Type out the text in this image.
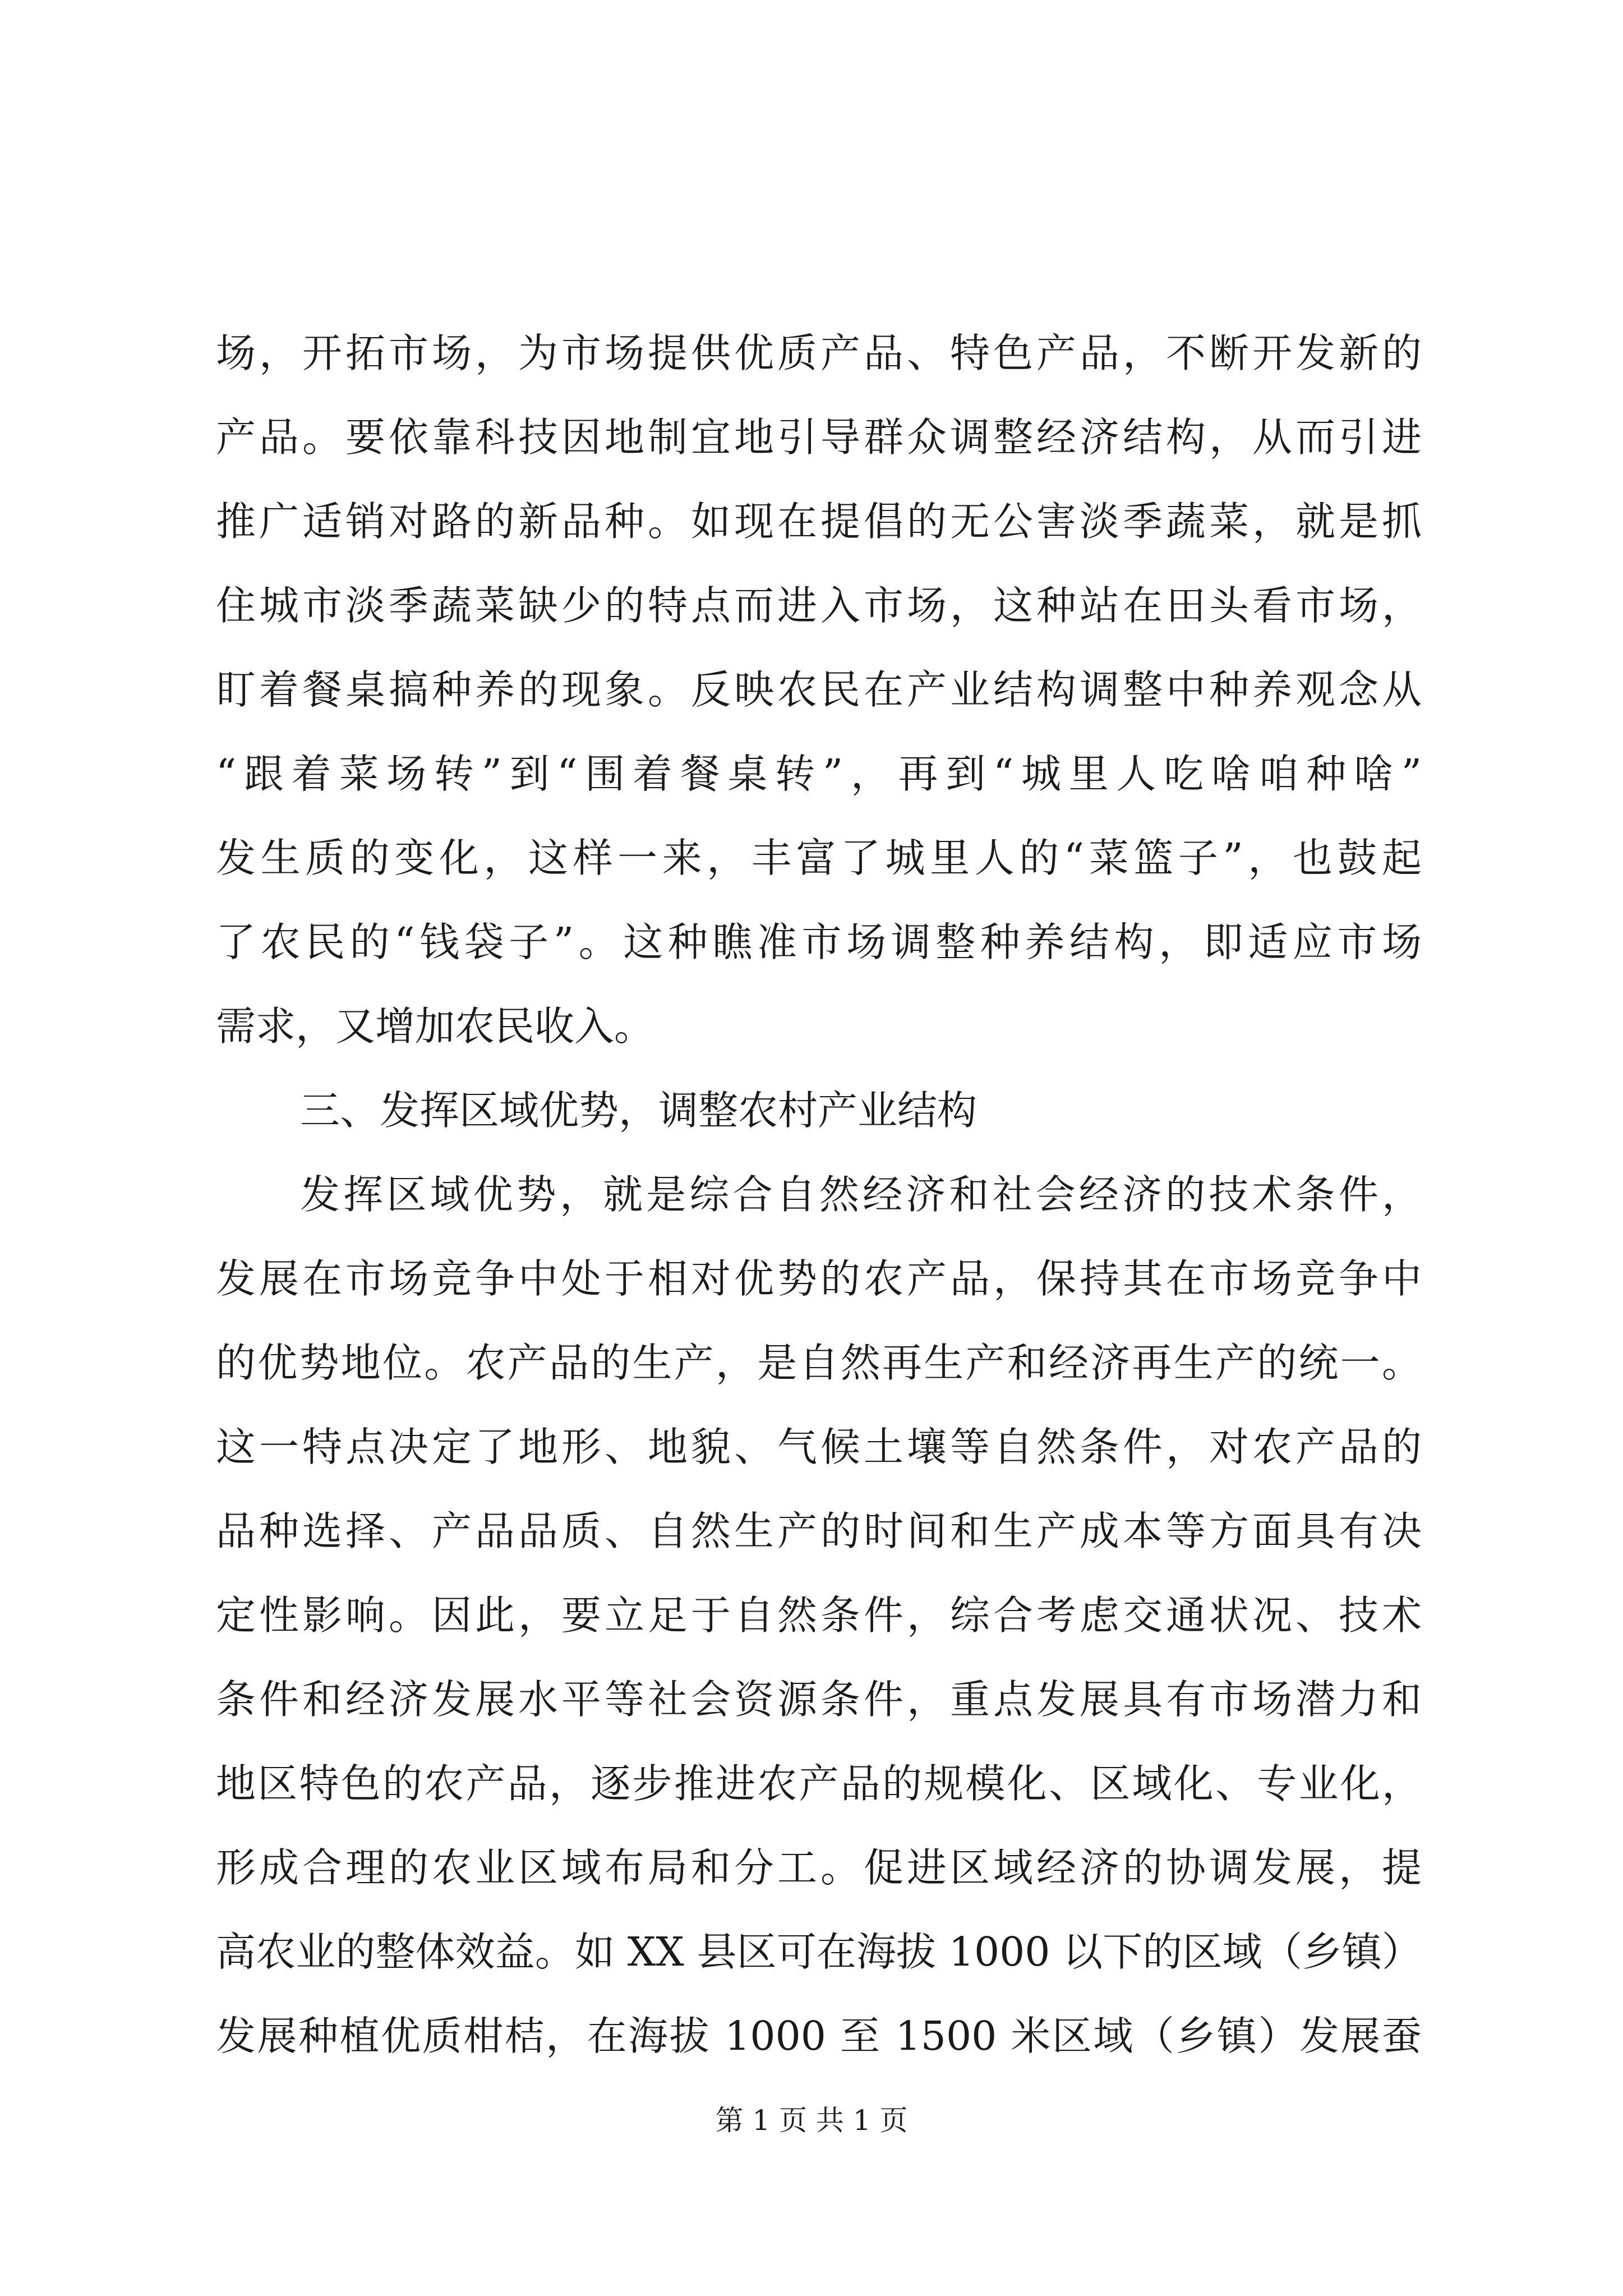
场，开拓市场，为市场提供优质产品、特色产品，不断开发新的
产品。要依靠科技因地制宜地引导群众调整经济结构，从而引进
推广适销对路的新品种。如现在提倡的无公害淡季蔬菜，就是抓
住城市淡季蔬菜缺少的特点而进入市场，这种站在田头看市场，
盯着餐桌搞种养的现象。反映农民在产业结构调整中种养观念从
“跟着菜场转”到“围着餐桌转”，再到“城里人吃啥咱种啥”
发生质的变化，这样一来，丰富了城里人的“菜篮子”，也鼓起
了农民的“钱袋子”。这种瞧准市场调整种养结构，即适应市场
需求，又增加农民收入。
三、发挥区域优势，调整农村产业结构
发挥区域优势，就是综合自然经济和社会经济的技术条件，
发展在市场竞争中处于相对优势的农产品，保持其在市场竞争中
的优势地位。农产品的生产，是自然再生产和经济再生产的统一。
这一特点决定了地形、地貌、气候土壤等自然条件，对农产品的
品种选择、产品品质、自然生产的时间和生产成本等方面具有决
定性影响。因此，要立足于自然条件，综合考虑交通状况、技术
条件和经济发展水平等社会资源条件，重点发展具有市场潜力和
地区特色的农产品，逐步推进农产品的规模化、区域化、专业化，
形成合理的农业区域布局和分工。促进区域经济的协调发展，提
高农业的整体效益。如 XX 县区可在海拔 1000 以下的区域（乡镇）
发展种植优质柑桔，在海拔 1000 至 1500 米区域（乡镇）发展蚕
第 1 页 共 1 页
